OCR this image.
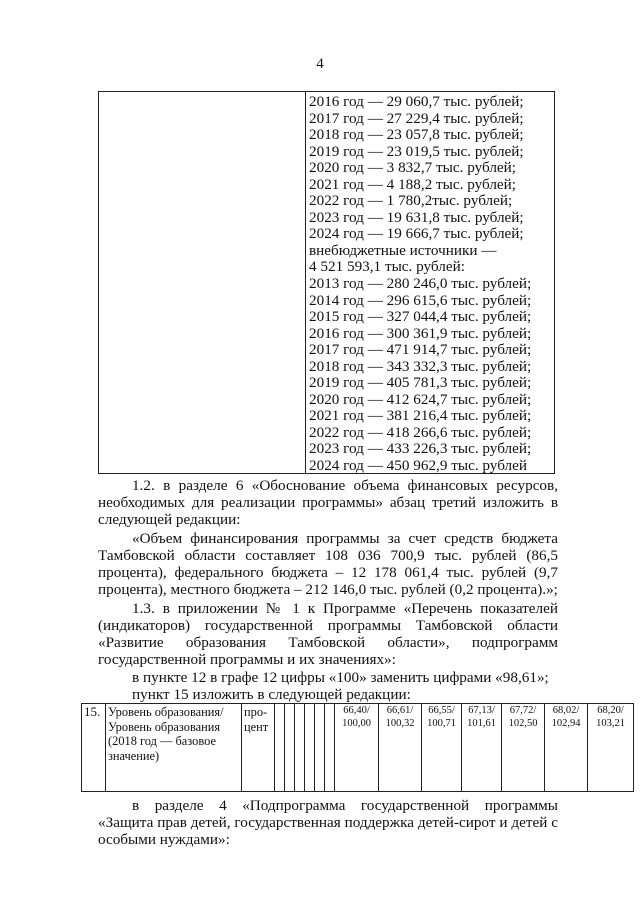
4
2016 год — 29 060,7 тыс. рублей;
2017 год — 27 229,4 тыс. рублей;
2018 год — 23 057,8 тыс. рублей;
2019 год — 23 019,5 тыс. рублей;
2020 год — 3 832,7 тыс. рублей;
2021 год — 4 188,2 тыс. рублей;
2022 год — 1 780,2тыс. рублей;
2023 год — 19 631,8 тыс. рублей;
2024 год — 19 666,7 тыс. рублей;
внебюджетные источники —
4 521 593,1 тыс. рублей:
2013 год — 280 246,0 тыс. рублей;
2014 год — 296 615,6 тыс. рублей;
2015 год — 327 044,4 тыс. рублей;
2016 год — 300 361,9 тыс. рублей;
2017 год — 471 914,7 тыс. рублей;
2018 год — 343 332,3 тыс. рублей;
2019 год — 405 781,3 тыс. рублей;
2020 год — 412 624,7 тыс. рублей;
2021 год — 381 216,4 тыс. рублей;
2022 год — 418 266,6 тыс. рублей;
2023 год — 433 226,3 тыс. рублей;
2024 год — 450 962,9 тыс. рублей
1.2. в разделе 6 «Обоснование объема финансовых ресурсов, необходимых для реализации программы» абзац третий изложить в следующей редакции:
«Объем финансирования программы за счет средств бюджета Тамбовской области составляет 108 036 700,9 тыс. рублей (86,5 процента), федерального бюджета – 12 178 061,4 тыс. рублей (9,7 процента), местного бюджета – 212 146,0 тыс. рублей (0,2 процента).»;
1.3. в приложении № 1 к Программе «Перечень показателей (индикаторов) государственной программы Тамбовской области «Развитие образования Тамбовской области», подпрограмм государственной программы и их значениях»:
в пункте 12 в графе 12 цифры «100» заменить цифрами «98,61»;
пункт 15 изложить в следующей редакции:
15.	Уровень образования/Уровень образования (2018 год — базовое значение)	про- цент							66,40/ 100,00	66,61/ 100,32	66,55/ 100,71	67,13/ 101,61	67,72/ 102,50	68,02/ 102,94	68,20/ 103,21
в разделе 4 «Подпрограмма государственной программы «Защита прав детей, государственная поддержка детей-сирот и детей с особыми нуждами»:
